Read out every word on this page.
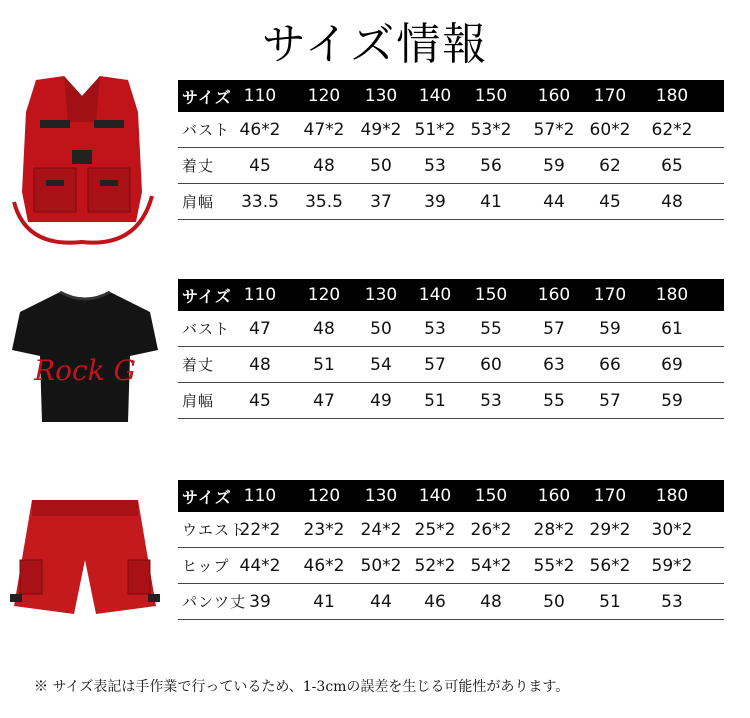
サイズ情報
Rock G
サイズ 110 120 130 140 150 160 170 180
バスト 46*2 47*2 49*2 51*2 53*2 57*2 60*2 62*2
着丈 45 48 50 53 56 59 62 65
肩幅 33.5 35.5 37 39 41 44 45 48
サイズ 110 120 130 140 150 160 170 180
バスト 47 48 50 53 55 57 59 61
着丈 48 51 54 57 60 63 66 69
肩幅 45 47 49 51 53 55 57 59
サイズ 110 120 130 140 150 160 170 180
ウエスト
22*2 23*2 24*2 25*2 26*2 28*2 29*2 30*2
ヒップ 44*2 46*2 50*2 52*2 54*2 55*2 56*2 59*2
パンツ丈 39 41 44 46 48 50 51 53
※ サイズ表記は手作業で行っているため、1-3cmの誤差を生じる可能性があります。
